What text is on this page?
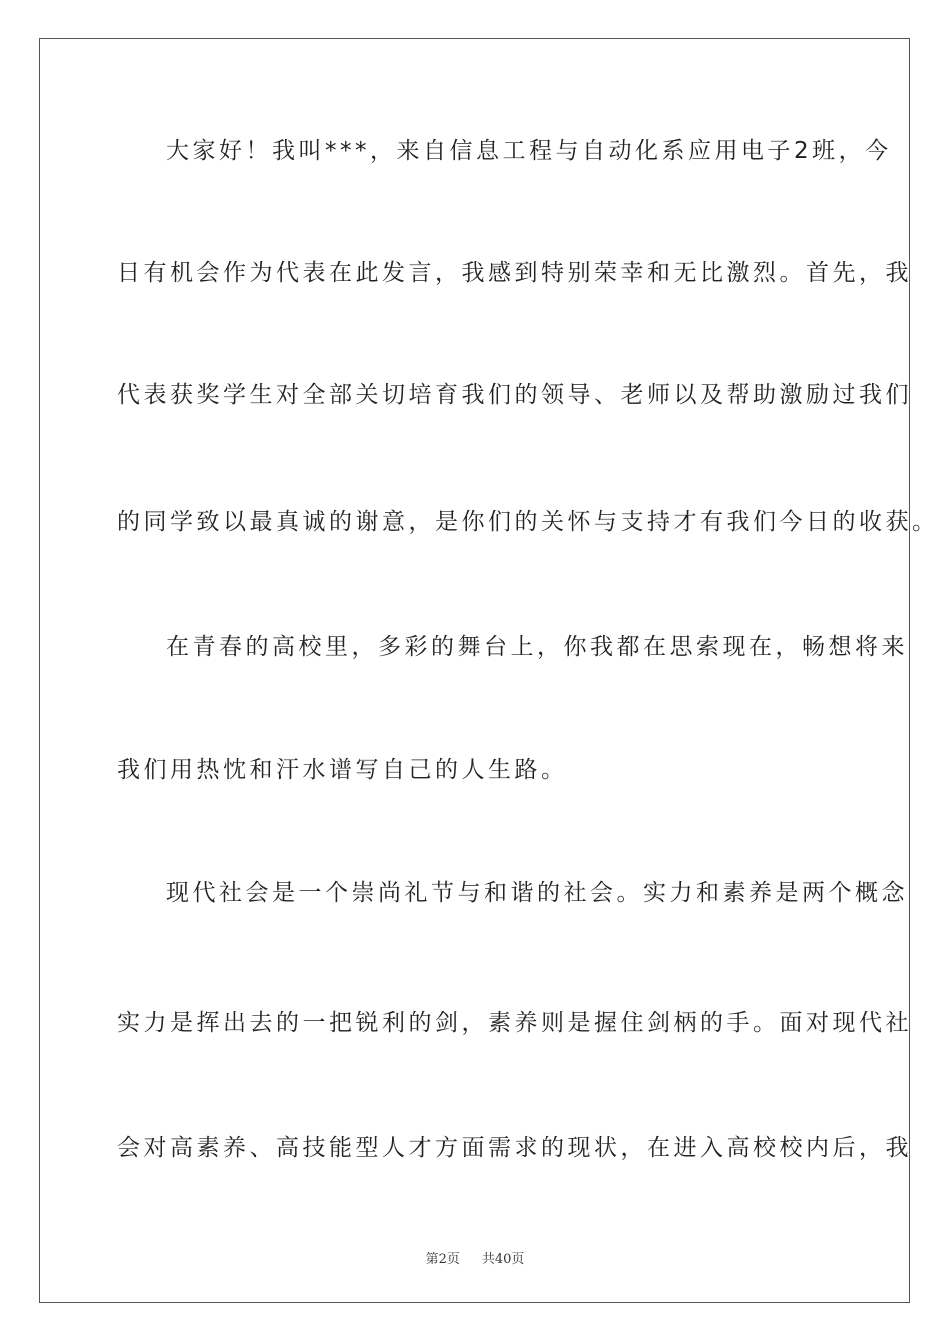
大家好！我叫***，来自信息工程与自动化系应用电子2班，今
日有机会作为代表在此发言，我感到特别荣幸和无比激烈。首先，我
代表获奖学生对全部关切培育我们的领导、老师以及帮助激励过我们
的同学致以最真诚的谢意，是你们的关怀与支持才有我们今日的收获。
在青春的高校里，多彩的舞台上，你我都在思索现在，畅想将来
我们用热忱和汗水谱写自己的人生路。
现代社会是一个崇尚礼节与和谐的社会。实力和素养是两个概念
实力是挥出去的一把锐利的剑，素养则是握住剑柄的手。面对现代社
会对高素养、高技能型人才方面需求的现状，在进入高校校内后，我
第2页 共40页
